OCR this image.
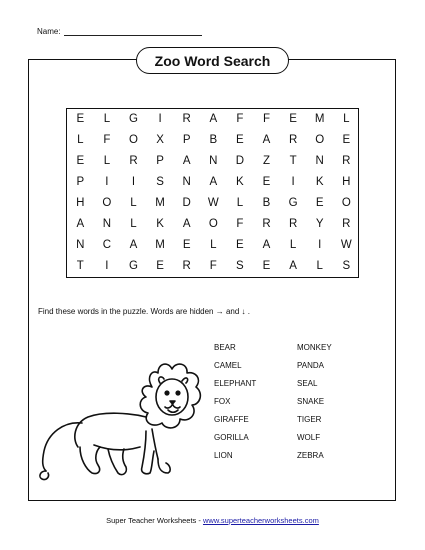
Name:
Zoo Word Search
E	L	G	I	R	A	F	F	E	M	L
L	F	O	X	P	B	E	A	R	O	E
E	L	R	P	A	N	D	Z	T	N	R
P	I	I	S	N	A	K	E	I	K	H
H	O	L	M	D	W	L	B	G	E	O
A	N	L	K	A	O	F	R	R	Y	R
N	C	A	M	E	L	E	A	L	I	W
T	I	G	E	R	F	S	E	A	L	S
Find these words in the puzzle. Words are hidden → and ↓ .
BEAR
CAMEL
ELEPHANT
FOX
GIRAFFE
GORILLA
LION
MONKEY
PANDA
SEAL
SNAKE
TIGER
WOLF
ZEBRA
Super Teacher Worksheets - www.superteacherworksheets.com
